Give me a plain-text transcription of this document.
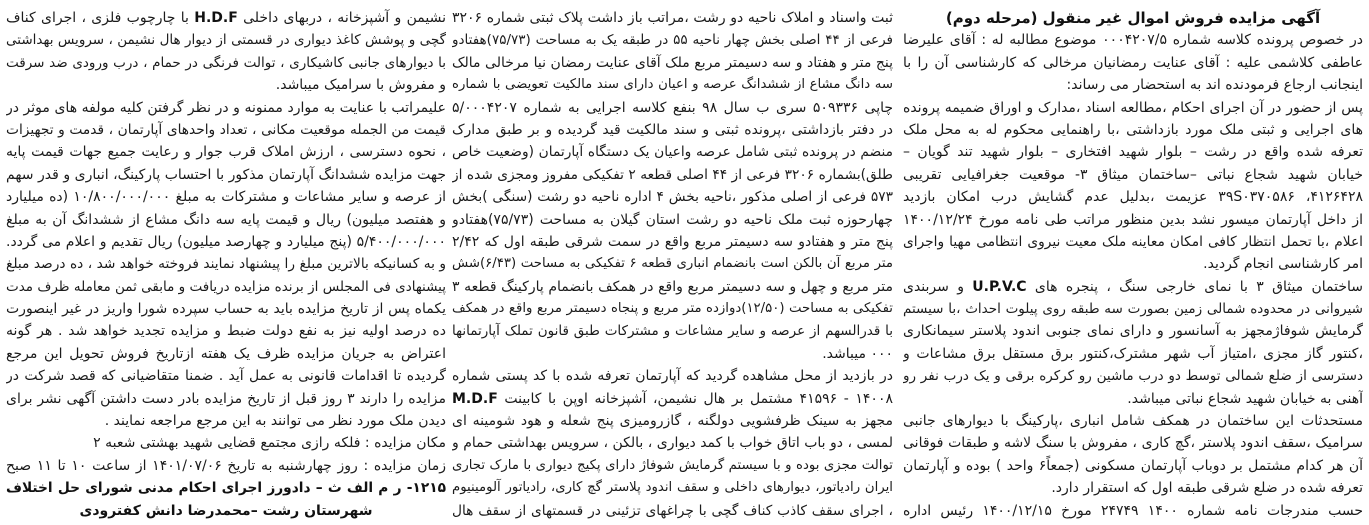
آگهی مزایده فروش اموال غیر منقول (مرحله دوم)
در خصوص پرونده کلاسه شماره ۰۰۰۴۲۰۷/۵ موضوع مطالبه له : آقای علیرضا
عاطفی کلاشمی علیه : آقای عنایت رمضانیان مرخالی که کارشناسی آن را با
اینجانب ارجاع فرمودنده اند به استحضار می رساند:
پس از حضور در آن اجرای احکام ،مطالعه اسناد ،مدارک و اوراق ضمیمه پرونده
های اجرایی و ثبتی ملک مورد بازداشتی ،با راهنمایی محکوم له به محل ملک
تعرفه شده واقع در رشت – بلوار شهید افتخاری – بلوار شهید تند گویان –
خیابان شهید شجاع نباتی –ساختمان میثاق ۳- موقعیت جغرافیایی تقریبی
۳۹S۰۳۷۰۵۸۶ ،۴۱۲۶۴۲۸ عزیمت ،بدلیل عدم گشایش درب امکان بازدید
از داخل آپارتمان میسور نشد بدین منظور مراتب طی نامه مورخ ۱۴۰۰/۱۲/۲۴
اعلام ،با تحمل انتظار کافی امکان معاینه ملک معیت نیروی انتظامی مهیا واجرای
امر کارشناسی انجام گردید.
ساختمان میثاق ۳ با نمای خارجی سنگ ، پنجره های U.P.V.C و سربندی
شیروانی در محدوده شمالی زمین بصورت سه طبقه روی پیلوت احداث ،با سیستم
گرمایش شوفاژمجهز به آسانسور و دارای نمای جنوبی اندود پلاستر سیمانکاری
،کنتور گاز مجزی ،امتیاز آب شهر مشترک،کنتور برق مستقل برق مشاعات و
دسترسی از ضلع شمالی توسط دو درب ماشین رو کرکره برقی و یک درب نفر رو
آهنی به خیابان شهید شجاع نباتی میباشد.
مستحدثات این ساختمان در همکف شامل انباری ،پارکینگ با دیوارهای جانبی
سرامیک ،سقف اندود پلاستر ،گچ کاری ، مفروش با سنگ لاشه و طبقات فوقانی
آن هر کدام مشتمل بر دوباب آپارتمان مسکونی (جمعاً۶ واحد ) بوده و آپارتمان
تعرفه شده در ضلع شرقی طبقه اول که استقرار دارد.
حسب مندرجات نامه شماره ۱۴۰۰ ۲۴۷۴۹ مورخ ۱۴۰۰/۱۲/۱۵ رئیس اداره
ثبت واسناد و املاک ناحیه دو رشت ،مراتب باز داشت پلاک ثبتی شماره ۳۲۰۶
فرعی از ۴۴ اصلی بخش چهار ناحیه ۵۵ در طبقه یک به مساحت (۷۵/۷۳)هفتادو
پنج متر و هفتاد و سه دسیمتر مربع ملک آقای عنایت رمضان نیا مرخالی مالک
سه دانگ مشاع از ششدانگ عرصه و اعیان دارای سند مالکیت تعویضی با شماره
چاپی ۵۰۹۳۳۶ سری ب سال ۹۸ بنفع کلاسه اجرایی به شماره ۵/۰۰۰۴۲۰۷
در دفتر بازداشتی ،پرونده ثبتی و سند مالکیت قید گردیده و بر طبق مدارک
منضم در پرونده ثبتی شامل عرصه واعیان یک دستگاه آپارتمان (وضعیت خاص
طلق)بشماره ۳۲۰۶ فرعی از ۴۴ اصلی قطعه ۲ تفکیکی مفروز ومجزی شده از
۵۷۳ فرعی از اصلی مذکور ،ناحیه بخش ۴ اداره ناحیه دو رشت (سنگی )بخش
چهارحوزه ثبت ملک ناحیه دو رشت استان گیلان به مساحت (۷۵/۷۳)هفتادو
پنج متر و هفتادو سه دسیمتر مربع واقع در سمت شرقی طبقه اول که ۲/۴۲
متر مربع آن بالکن است بانضمام انباری قطعه ۶ تفکیکی به مساحت (۶/۴۳)شش
متر مربع و چهل و سه دسیمتر مربع واقع در همکف بانضمام پارکینگ قطعه ۳
تفکیکی به مساحت (۱۲/۵۰)دوازده متر مربع و پنجاه دسیمتر مربع واقع در همکف
با قدرالسهم از عرصه و سایر مشاعات و مشترکات طبق قانون تملک آپارتمانها
۰۰۰ میباشد.
در بازدید از محل مشاهده گردید که آپارتمان تعرفه شده با کد پستی شماره
۱۴۰۰۸ - ۴۱۵۹۶ مشتمل بر هال نشیمن، آشپزخانه اوپن با کابینت M.D.F
مجهز به سینک ظرفشویی دولگنه ، گازرومیزی پنج شعله و هود شومینه ای
لمسی ، دو باب اتاق خواب با کمد دیواری ، بالکن ، سرویس بهداشتی حمام و
توالت مجزی بوده و با سیستم گرمایش شوفاژ دارای پکیج دیواری با مارک تجاری
ایران رادیاتور، دیوارهای داخلی و سقف اندود پلاستر گچ کاری، رادیاتور آلومینیوم
، اجرای سقف کاذب کناف گچی با چراغهای تزئینی در قسمتهای از سقف هال
نشیمن و آشپزخانه ، دربهای داخلی H.D.F با چارچوب فلزی ، اجرای کناف
گچی و پوشش کاغذ دیواری در قسمتی از دیوار هال نشیمن ، سرویس بهداشتی
با دیوارهای جانبی کاشیکاری ، توالت فرنگی در حمام ، درب ورودی ضد سرقت
و مفروش با سرامیک میباشد.
علیمراتب با عنایت به موارد ممنونه و در نظر گرفتن کلیه مولفه های موثر در
قیمت من الجمله موقعیت مکانی ، تعداد واحدهای آپارتمان ، قدمت و تجهیزات
، نحوه دسترسی ، ارزش املاک قرب جوار و رعایت جمیع جهات قیمت پایه
جهت مزایده ششدانگ آپارتمان مذکور با احتساب پارکینگ، انباری و قدر سهم
از عرصه و سایر مشاعات و مشترکات به مبلغ ۱۰/۸۰۰/۰۰۰/۰۰۰ (ده میلیارد
و هفتصد میلیون) ریال و قیمت پایه سه دانگ مشاع از ششدانگ آن به مبلغ
۵/۴۰۰/۰۰۰/۰۰۰ (پنج میلیارد و چهارصد میلیون) ریال تقدیم و اعلام می گردد.
و به کسانیکه بالاترین مبلغ را پیشنهاد نمایند فروخته خواهد شد ، ده درصد مبلغ
پیشنهادی فی المجلس از برنده مزایده دریافت و مابقی ثمن معامله ظرف مدت
یکماه پس از تاریخ مزایده باید به حساب سپرده شورا واریز در غیر اینصورت
ده درصد اولیه نیز به نفع دولت ضبط و مزایده تجدید خواهد شد . هر گونه
اعتراض به جریان مزایده ظرف یک هفته ازتاریخ فروش تحویل این مرجع
گردیده تا اقدامات قانونی به عمل آید . ضمنا متقاضیانی که قصد شرکت در
مزایده را دارند ۳ روز قبل از تاریخ مزایده بادر دست داشتن آگهی نشر برای
دیدن ملک مورد نظر می توانند به این مرجع مراجعه نمایند .
مکان مزایده : فلکه رازی مجتمع قضایی شهید بهشتی شعبه ۲
زمان مزایده : روز چهارشنبه به تاریخ ۱۴۰۱/۰۷/۰۶ از ساعت ۱۰ تا ۱۱ صبح
۱۲۱۵- ر م الف ث – دادورز اجرای احکام مدنی شورای حل اختلاف
شهرستان رشت –محمدرضا دانش کفترودی
